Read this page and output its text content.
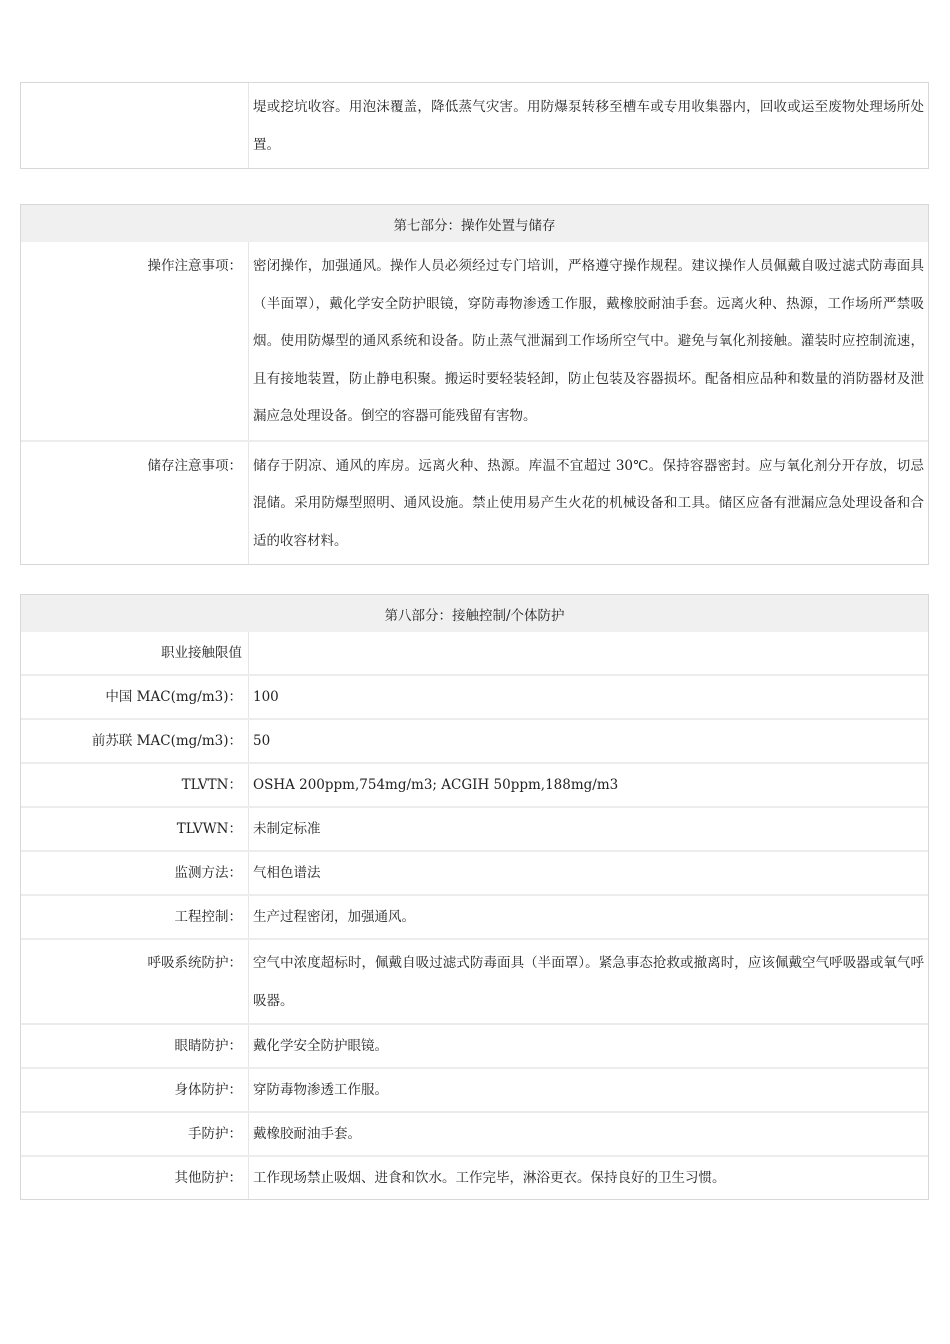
堤或挖坑收容。用泡沫覆盖，降低蒸气灾害。用防爆泵转移至槽车或专用收集器内，回收或运至废物处理场所处置。
第七部分：操作处置与储存
操作注意事项： 密闭操作，加强通风。操作人员必须经过专门培训，严格遵守操作规程。建议操作人员佩戴自吸过滤式防毒面具（半面罩），戴化学安全防护眼镜，穿防毒物渗透工作服，戴橡胶耐油手套。远离火种、热源，工作场所严禁吸烟。使用防爆型的通风系统和设备。防止蒸气泄漏到工作场所空气中。避免与氧化剂接触。灌装时应控制流速，且有接地装置，防止静电积聚。搬运时要轻装轻卸，防止包装及容器损坏。配备相应品种和数量的消防器材及泄漏应急处理设备。倒空的容器可能残留有害物。
储存注意事项： 储存于阴凉、通风的库房。远离火种、热源。库温不宜超过 30℃。保持容器密封。应与氧化剂分开存放，切忌混储。采用防爆型照明、通风设施。禁止使用易产生火花的机械设备和工具。储区应备有泄漏应急处理设备和合适的收容材料。
第八部分：接触控制/个体防护
职业接触限值
中国 MAC(mg/m3)： 100
前苏联 MAC(mg/m3)： 50
TLVTN： OSHA 200ppm,754mg/m3; ACGIH 50ppm,188mg/m3
TLVWN： 未制定标准
监测方法： 气相色谱法
工程控制： 生产过程密闭，加强通风。
呼吸系统防护： 空气中浓度超标时，佩戴自吸过滤式防毒面具（半面罩）。紧急事态抢救或撤离时，应该佩戴空气呼吸器或氧气呼吸器。
眼睛防护： 戴化学安全防护眼镜。
身体防护： 穿防毒物渗透工作服。
手防护： 戴橡胶耐油手套。
其他防护： 工作现场禁止吸烟、进食和饮水。工作完毕，淋浴更衣。保持良好的卫生习惯。
